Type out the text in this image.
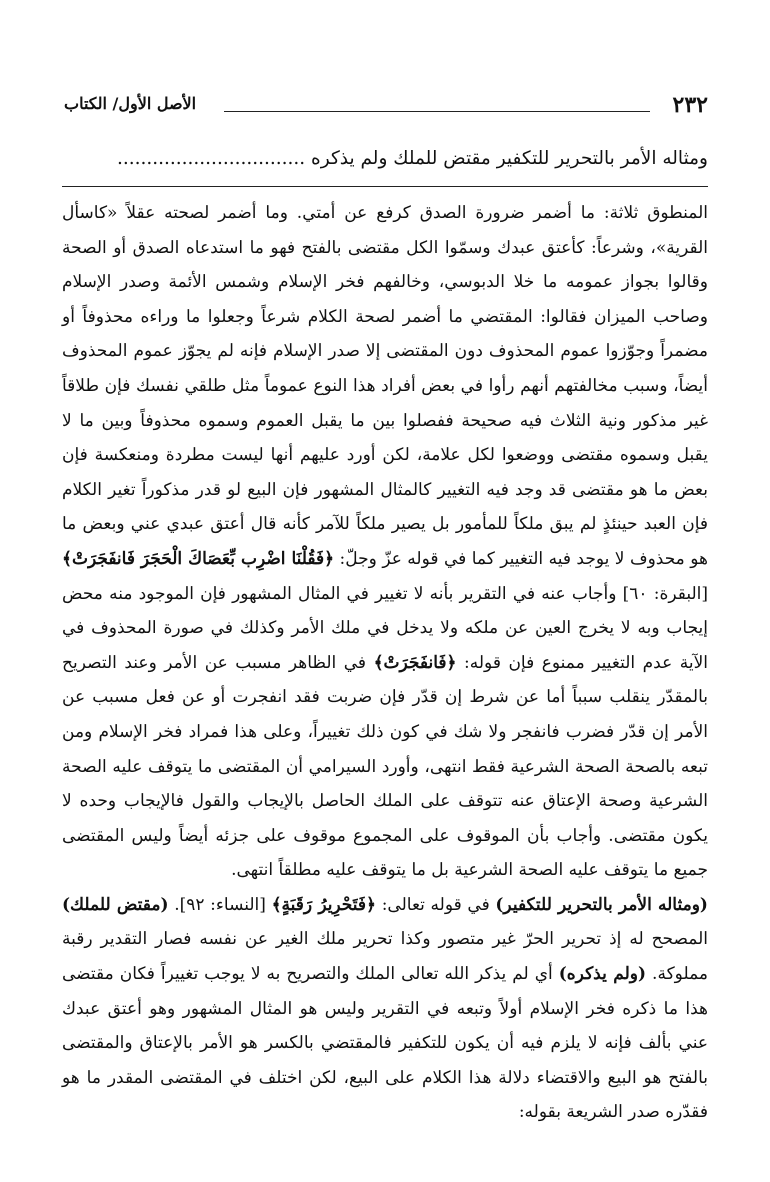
٢٣٢
الأصل الأول/ الكتاب
ومثاله الأمر بالتحرير للتكفير مقتض للملك ولم يذكره ................................

المنطوق ثلاثة: ما أضمر ضرورة الصدق كرفع عن أمتي. وما أضمر لصحته عقلاً «كاسأل القرية»، وشرعاً: كأعتق عبدك وسمّوا الكل مقتضى بالفتح فهو ما استدعاه الصدق أو الصحة وقالوا بجواز عمومه ما خلا الدبوسي، وخالفهم فخر الإسلام وشمس الأئمة وصدر الإسلام وصاحب الميزان فقالوا: المقتضي ما أضمر لصحة الكلام شرعاً وجعلوا ما وراءه محذوفاً أو مضمراً وجوّزوا عموم المحذوف دون المقتضى إلا صدر الإسلام فإنه لم يجوّز عموم المحذوف أيضاً، وسبب مخالفتهم أنهم رأوا في بعض أفراد هذا النوع عموماً مثل طلقي نفسك فإن طلاقاً غير مذكور ونية الثلاث فيه صحيحة ففصلوا بين ما يقبل العموم وسموه محذوفاً وبين ما لا يقبل وسموه مقتضى ووضعوا لكل علامة، لكن أورد عليهم أنها ليست مطردة ومنعكسة فإن بعض ما هو مقتضى قد وجد فيه التغيير كالمثال المشهور فإن البيع لو قدر مذكوراً تغير الكلام فإن العبد حينئذٍ لم يبق ملكاً للمأمور بل يصير ملكاً للآمر كأنه قال أعتق عبدي عني وبعض ما هو محذوف لا يوجد فيه التغيير كما في قوله عزّ وجلّ: ﴿فَقُلْنَا اضْرِب بِّعَصَاكَ الْحَجَرَ فَانفَجَرَتْ﴾ [البقرة: ٦٠] وأجاب عنه في التقرير بأنه لا تغيير في المثال المشهور فإن الموجود منه محض إيجاب وبه لا يخرج العين عن ملكه ولا يدخل في ملك الأمر وكذلك في صورة المحذوف في الآية عدم التغيير ممنوع فإن قوله: ﴿فَانفَجَرَتْ﴾ في الظاهر مسبب عن الأمر وعند التصريح بالمقدّر ينقلب سبباً أما عن شرط إن قدّر فإن ضربت فقد انفجرت أو عن فعل مسبب عن الأمر إن قدّر فضرب فانفجر ولا شك في كون ذلك تغييراً، وعلى هذا فمراد فخر الإسلام ومن تبعه بالصحة الصحة الشرعية فقط انتهى، وأورد السيرامي أن المقتضى ما يتوقف عليه الصحة الشرعية وصحة الإعتاق عنه تتوقف على الملك الحاصل بالإيجاب والقول فالإيجاب وحده لا يكون مقتضى. وأجاب بأن الموقوف على المجموع موقوف على جزئه أيضاً وليس المقتضى جميع ما يتوقف عليه الصحة الشرعية بل ما يتوقف عليه مطلقاً انتهى.

(ومثاله الأمر بالتحرير للتكفير) في قوله تعالى: ﴿فَتَحْرِيرُ رَقَبَةٍ﴾ [النساء: ٩٢]. (مقتض للملك) المصحح له إذ تحرير الحرّ غير متصور وكذا تحرير ملك الغير عن نفسه فصار التقدير رقبة مملوكة. (ولم يذكره) أي لم يذكر الله تعالى الملك والتصريح به لا يوجب تغييراً فكان مقتضى هذا ما ذكره فخر الإسلام أولاً وتبعه في التقرير وليس هو المثال المشهور وهو أعتق عبدك عني بألف فإنه لا يلزم فيه أن يكون للتكفير فالمقتضي بالكسر هو الأمر بالإعتاق والمقتضى بالفتح هو البيع والاقتضاء دلالة هذا الكلام على البيع، لكن اختلف في المقتضى المقدر ما هو فقدّره صدر الشريعة بقوله:
